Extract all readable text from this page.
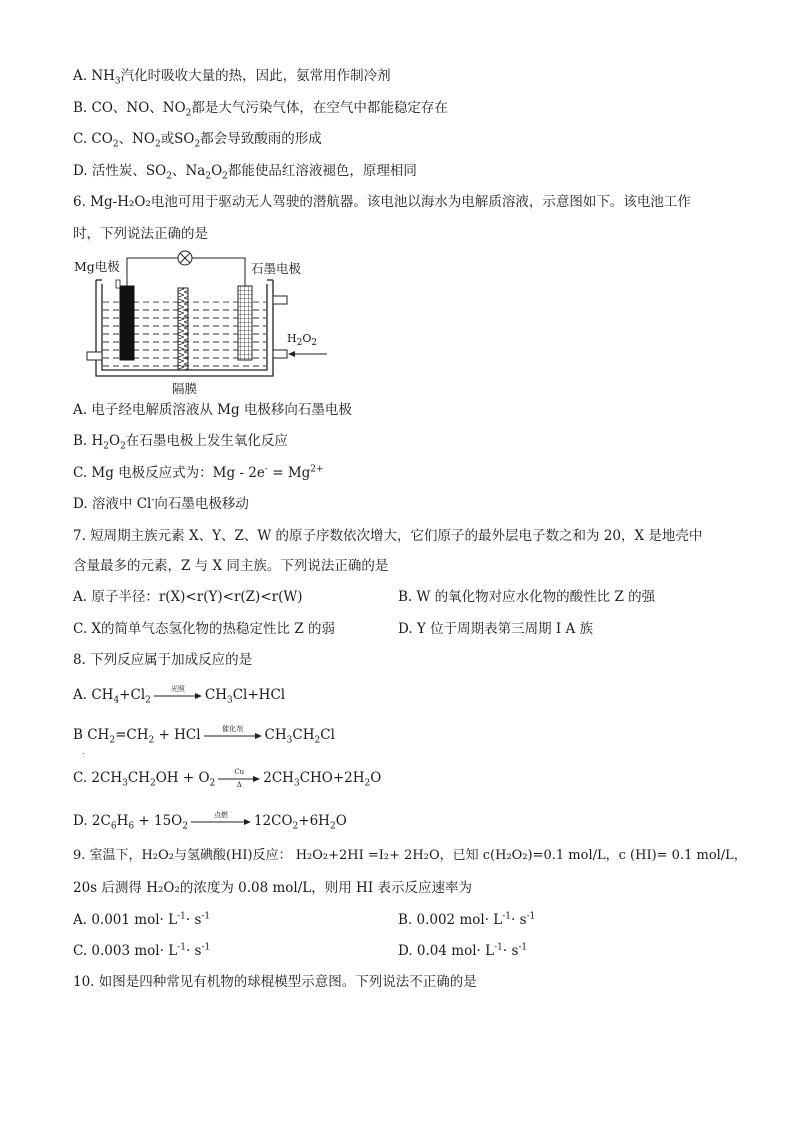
A. $NH_3$汽化时吸收大量的热，因此，氨常用作制冷剂
B. CO、NO、$NO_2$都是大气污染气体，在空气中都能稳定存在
C. $CO_2$、$NO_2$或$SO_2$都会导致酸雨的形成
D. 活性炭、$SO_2$、$Na_2O_2$都能使品红溶液褪色，原理相同
6. Mg-H₂O₂电池可用于驱动无人驾驶的潜航器。该电池以海水为电解质溶液，示意图如下。该电池工作
时，下列说法正确的是
Mg电极	石墨电极
$H_2O_2$
隔膜
A. 电子经电解质溶液从 Mg 电极移向石墨电极
B. $H_2O_2$在石墨电极上发生氧化反应
C. Mg 电极反应式为：$Mg - 2e^- = Mg^{2+}$
D. 溶液中 Cl-向石墨电极移动
7. 短周期主族元素 X、Y、Z、W 的原子序数依次增大，它们原子的最外层电子数之和为 20，X 是地壳中
含量最多的元素，Z 与 X 同主族。下列说法正确的是
A. 原子半径：r(X)<r(Y)<r(Z)<r(W)	B. W 的氧化物对应水化物的酸性比 Z 的强
C. X的简单气态氢化物的热稳定性比 Z 的弱	D. Y 位于周期表第三周期 I A 族
8. 下列反应属于加成反应的是
A. $CH_4+Cl_2$
光照	$CH_3Cl+HCl$
B $CH_2=CH_2$ + HCl	催化剂	$CH_3CH_2Cl$
.
C. $2CH_3CH_2OH + O_2$
Cu
Δ	$2CH_3CHO+2H_2O$
D. $2C_6H_6 + 15O_2$
点燃	$12CO_2+6H_2O$
9. 室温下，H₂O₂与氢碘酸(HI)反应： H₂O₂+2HI =I₂+ 2H₂O，已知 c(H₂O₂)=0.1 mol/L，c (HI)= 0.1 mol/L，
20s 后测得 H₂O₂的浓度为 0.08 mol/L，则用 HI 表示反应速率为
A. 0.001 $mol\cdot L^{-1}\cdot s^{-1}$	B. 0.002 $mol\cdot L^{-1}\cdot s^{-1}$
C. 0.003 $mol\cdot L^{-1}\cdot s^{-1}$	D. 0.04 $mol\cdot L^{-1}\cdot s^{-1}$
10. 如图是四种常见有机物的球棍模型示意图。下列说法不正确的是
